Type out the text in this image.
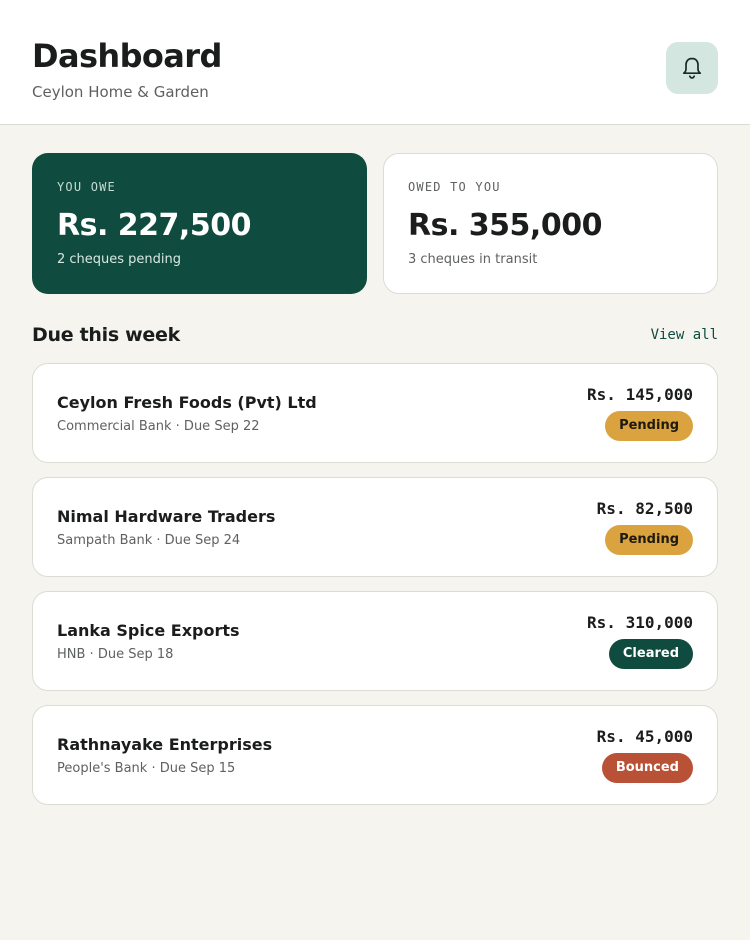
Dashboard
Ceylon Home & Garden
YOU OWE
Rs. 227,500
2 cheques pending
OWED TO YOU
Rs. 355,000
3 cheques in transit
Due this week	View all
Ceylon Fresh Foods (Pvt) Ltd
Commercial Bank · Due Sep 22
Rs. 145,000
Pending
Nimal Hardware Traders
Sampath Bank · Due Sep 24
Rs. 82,500
Pending
Lanka Spice Exports
HNB · Due Sep 18
Rs. 310,000
Cleared
Rathnayake Enterprises
People's Bank · Due Sep 15
Rs. 45,000
Bounced
